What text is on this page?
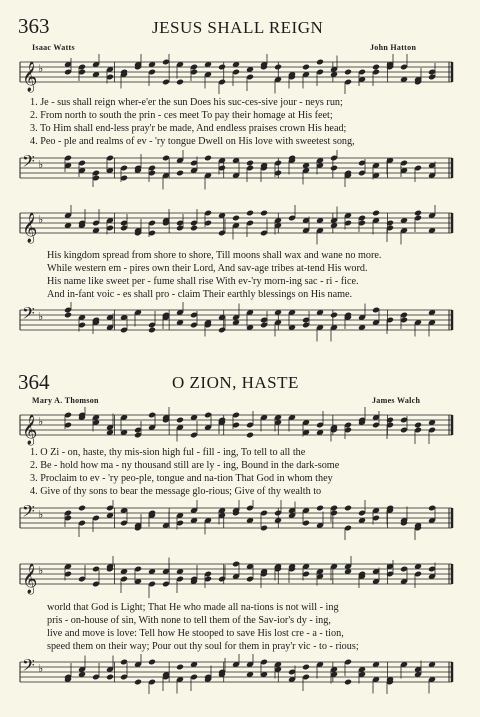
363	JESUS SHALL REIGN
Isaac Watts	John Hatton
𝄞 ♭
1. Je - sus shall reign wher-e'er the sun Does his suc-ces-sive jour - neys run;
2. From north to south the prin - ces meet To pay their homage at His feet;
3. To Him shall end-less pray'r be made, And endless praises crown His head;
4. Peo - ple and realms of ev - 'ry tongue Dwell on His love with sweetest song,
𝄢 ♭
𝄞 ♭
His kingdom spread from shore to shore, Till moons shall wax and wane no more.
While western em - pires own their Lord, And sav-age tribes at-tend His word.
His name like sweet per - fume shall rise With ev-'ry morn-ing sac - ri - fice.
And in-fant voic - es shall pro - claim Their earthly blessings on His name.
𝄢 ♭
364	O ZION, HASTE
Mary A. Thomson	James Walch
𝄞 ♭
1. O Zi - on, haste, thy mis-sion high ful - fill - ing, To tell to all the
2. Be - hold how ma - ny thousand still are ly - ing, Bound in the dark-some
3. Proclaim to ev - 'ry peo-ple, tongue and na-tion That God in whom they
4. Give of thy sons to bear the message glo-rious; Give of thy wealth to
𝄢 ♭
𝄞 ♭
world that God is Light; That He who made all na-tions is not will - ing
pris - on-house of sin, With none to tell them of the Sav-ior's dy - ing,
live and move is love: Tell how He stooped to save His lost cre - a - tion,
speed them on their way; Pour out thy soul for them in pray'r vic - to - rious;
𝄢 ♭
